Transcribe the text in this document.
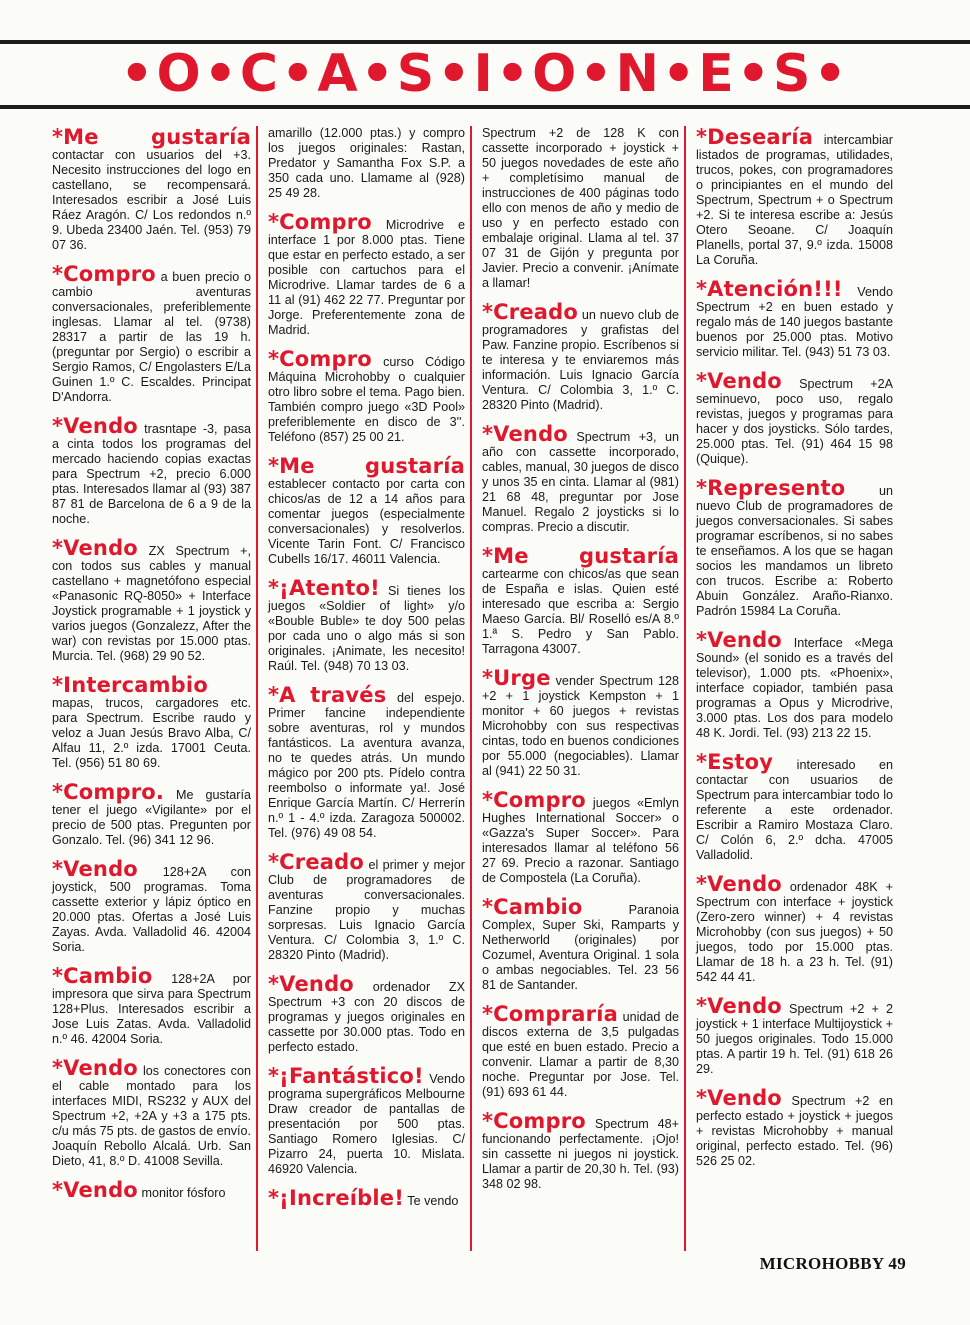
•O•C•A•S•I•O•N•E•S•

*Me gustaría contactar con usuarios del +3. Necesito instrucciones del logo en castellano, se recompensará. Interesados escribir a José Luis Ráez Aragón. C/ Los redondos n.º 9. Ubeda 23400 Jaén. Tel. (953) 79 07 36.

*Compro a buen precio o cambio aventuras conversacionales, preferiblemente inglesas. Llamar al tel. (9738) 28317 a partir de las 19 h. (preguntar por Sergio) o escribir a Sergio Ramos, C/ Engolasters E/La Guinen 1.º C. Escaldes. Principat D'Andorra.

*Vendo trasntape -3, pasa a cinta todos los programas del mercado haciendo copias exactas para Spectrum +2, precio 6.000 ptas. Interesados llamar al (93) 387 87 81 de Barcelona de 6 a 9 de la noche.

*Vendo ZX Spectrum +, con todos sus cables y manual castellano + magnetófono especial «Panasonic RQ-8050» + Interface Joystick programable + 1 joystick y varios juegos (Gonzalezz, After the war) con revistas por 15.000 ptas. Murcia. Tel. (968) 29 90 52.

*Intercambio mapas, trucos, cargadores etc. para Spectrum. Escribe raudo y veloz a Juan Jesús Bravo Alba, C/ Alfau 11, 2.º izda. 17001 Ceuta. Tel. (956) 51 80 69.

*Compro. Me gustaría tener el juego «Vigilante» por el precio de 500 ptas. Pregunten por Gonzalo. Tel. (96) 341 12 96.

*Vendo 128+2A con joystick, 500 programas. Toma cassette exterior y lápiz óptico en 20.000 ptas. Ofertas a José Luis Zayas. Avda. Valladolid 46. 42004 Soria.

*Cambio 128+2A por impresora que sirva para Spectrum 128+Plus. Interesados escribir a Jose Luis Zatas. Avda. Valladolid n.º 46. 42004 Soria.

*Vendo los conectores con el cable montado para los interfaces MIDI, RS232 y AUX del Spectrum +2, +2A y +3 a 175 pts. c/u más 75 pts. de gastos de envío. Joaquín Rebollo Alcalá. Urb. San Dieto, 41, 8.º D. 41008 Sevilla.

*Vendo monitor fósforo

amarillo (12.000 ptas.) y compro los juegos originales: Rastan, Predator y Samantha Fox S.P. a 350 cada uno. Llamame al (928) 25 49 28.

*Compro Microdrive e interface 1 por 8.000 ptas. Tiene que estar en perfecto estado, a ser posible con cartuchos para el Microdrive. Llamar tardes de 6 a 11 al (91) 462 22 77. Preguntar por Jorge. Preferentemente zona de Madrid.

*Compro curso Código Máquina Microhobby o cualquier otro libro sobre el tema. Pago bien. También compro juego «3D Pool» preferiblemente en disco de 3''. Teléfono (857) 25 00 21.

*Me gustaría establecer contacto por carta con chicos/as de 12 a 14 años para comentar juegos (especialmente conversacionales) y resolverlos. Vicente Tarin Font. C/ Francisco Cubells 16/17. 46011 Valencia.

*¡Atento! Si tienes los juegos «Soldier of light» y/o «Bouble Buble» te doy 500 pelas por cada uno o algo más si son originales. ¡Animate, les necesito! Raúl. Tel. (948) 70 13 03.

*A través del espejo. Primer fancine independiente sobre aventuras, rol y mundos fantásticos. La aventura avanza, no te quedes atrás. Un mundo mágico por 200 pts. Pídelo contra reembolso o informate ya!. José Enrique García Martín. C/ Herrerín n.º 1 - 4.º izda. Zaragoza 500002. Tel. (976) 49 08 54.

*Creado el primer y mejor Club de programadores de aventuras conversacionales. Fanzine propio y muchas sorpresas. Luis Ignacio García Ventura. C/ Colombia 3, 1.º C. 28320 Pinto (Madrid).

*Vendo ordenador ZX Spectrum +3 con 20 discos de programas y juegos originales en cassette por 30.000 ptas. Todo en perfecto estado.

*¡Fantástico! Vendo programa supergráficos Melbourne Draw creador de pantallas de presentación por 500 ptas. Santiago Romero Iglesias. C/ Pizarro 24, puerta 10. Mislata. 46920 Valencia.

*¡Increíble! Te vendo

Spectrum +2 de 128 K con cassette incorporado + joystick + 50 juegos novedades de este año + completísimo manual de instrucciones de 400 páginas todo ello con menos de año y medio de uso y en perfecto estado con embalaje original. Llama al tel. 37 07 31 de Gijón y pregunta por Javier. Precio a convenir. ¡Anímate a llamar!

*Creado un nuevo club de programadores y grafistas del Paw. Fanzine propio. Escríbenos si te interesa y te enviaremos más información. Luis Ignacio García Ventura. C/ Colombia 3, 1.º C. 28320 Pinto (Madrid).

*Vendo Spectrum +3, un año con cassette incorporado, cables, manual, 30 juegos de disco y unos 35 en cinta. Llamar al (981) 21 68 48, preguntar por Jose Manuel. Regalo 2 joysticks si lo compras. Precio a discutir.

*Me gustaría cartearme con chicos/as que sean de España e islas. Quien esté interesado que escriba a: Sergio Maeso García. Bl/ Roselló es/A 8.º 1.ª S. Pedro y San Pablo. Tarragona 43007.

*Urge vender Spectrum 128 +2 + 1 joystick Kempston + 1 monitor + 60 juegos + revistas Microhobby con sus respectivas cintas, todo en buenos condiciones por 55.000 (negociables). Llamar al (941) 22 50 31.

*Compro juegos «Emlyn Hughes International Soccer» o «Gazza's Super Soccer». Para interesados llamar al teléfono 56 27 69. Precio a razonar. Santiago de Compostela (La Coruña).

*Cambio Paranoia Complex, Super Ski, Ramparts y Netherworld (originales) por Cozumel, Aventura Original. 1 sola o ambas negociables. Tel. 23 56 81 de Santander.

*Compraría unidad de discos externa de 3,5 pulgadas que esté en buen estado. Precio a convenir. Llamar a partir de 8,30 noche. Preguntar por Jose. Tel. (91) 693 61 44.

*Compro Spectrum 48+ funcionando perfectamente. ¡Ojo! sin cassette ni juegos ni joystick. Llamar a partir de 20,30 h. Tel. (93) 348 02 98.

*Desearía intercambiar listados de programas, utilidades, trucos, pokes, con programadores o principiantes en el mundo del Spectrum, Spectrum + o Spectrum +2. Si te interesa escribe a: Jesús Otero Seoane. C/ Joaquín Planells, portal 37, 9.º izda. 15008 La Coruña.

*Atención!!! Vendo Spectrum +2 en buen estado y regalo más de 140 juegos bastante buenos por 25.000 ptas. Motivo servicio militar. Tel. (943) 51 73 03.

*Vendo Spectrum +2A seminuevo, poco uso, regalo revistas, juegos y programas para hacer y dos joysticks. Sólo tardes, 25.000 ptas. Tel. (91) 464 15 98 (Quique).

*Represento un nuevo Club de programadores de juegos conversacionales. Si sabes programar escríbenos, si no sabes te enseñamos. A los que se hagan socios les mandamos un libreto con trucos. Escribe a: Roberto Abuin González. Araño-Rianxo. Padrón 15984 La Coruña.

*Vendo Interface «Mega Sound» (el sonido es a través del televisor), 1.000 pts. «Phoenix», interface copiador, también pasa programas a Opus y Microdrive, 3.000 ptas. Los dos para modelo 48 K. Jordi. Tel. (93) 213 22 15.

*Estoy interesado en contactar con usuarios de Spectrum para intercambiar todo lo referente a este ordenador. Escribir a Ramiro Mostaza Claro. C/ Colón 6, 2.º dcha. 47005 Valladolid.

*Vendo ordenador 48K + Spectrum con interface + joystick (Zero-zero winner) + 4 revistas Microhobby (con sus juegos) + 50 juegos, todo por 15.000 ptas. Llamar de 18 h. a 23 h. Tel. (91) 542 44 41.

*Vendo Spectrum +2 + 2 joystick + 1 interface Multijoystick + 50 juegos originales. Todo 15.000 ptas. A partir 19 h. Tel. (91) 618 26 29.

*Vendo Spectrum +2 en perfecto estado + joystick + juegos + revistas Microhobby + manual original, perfecto estado. Tel. (96) 526 25 02.

MICROHOBBY 49
